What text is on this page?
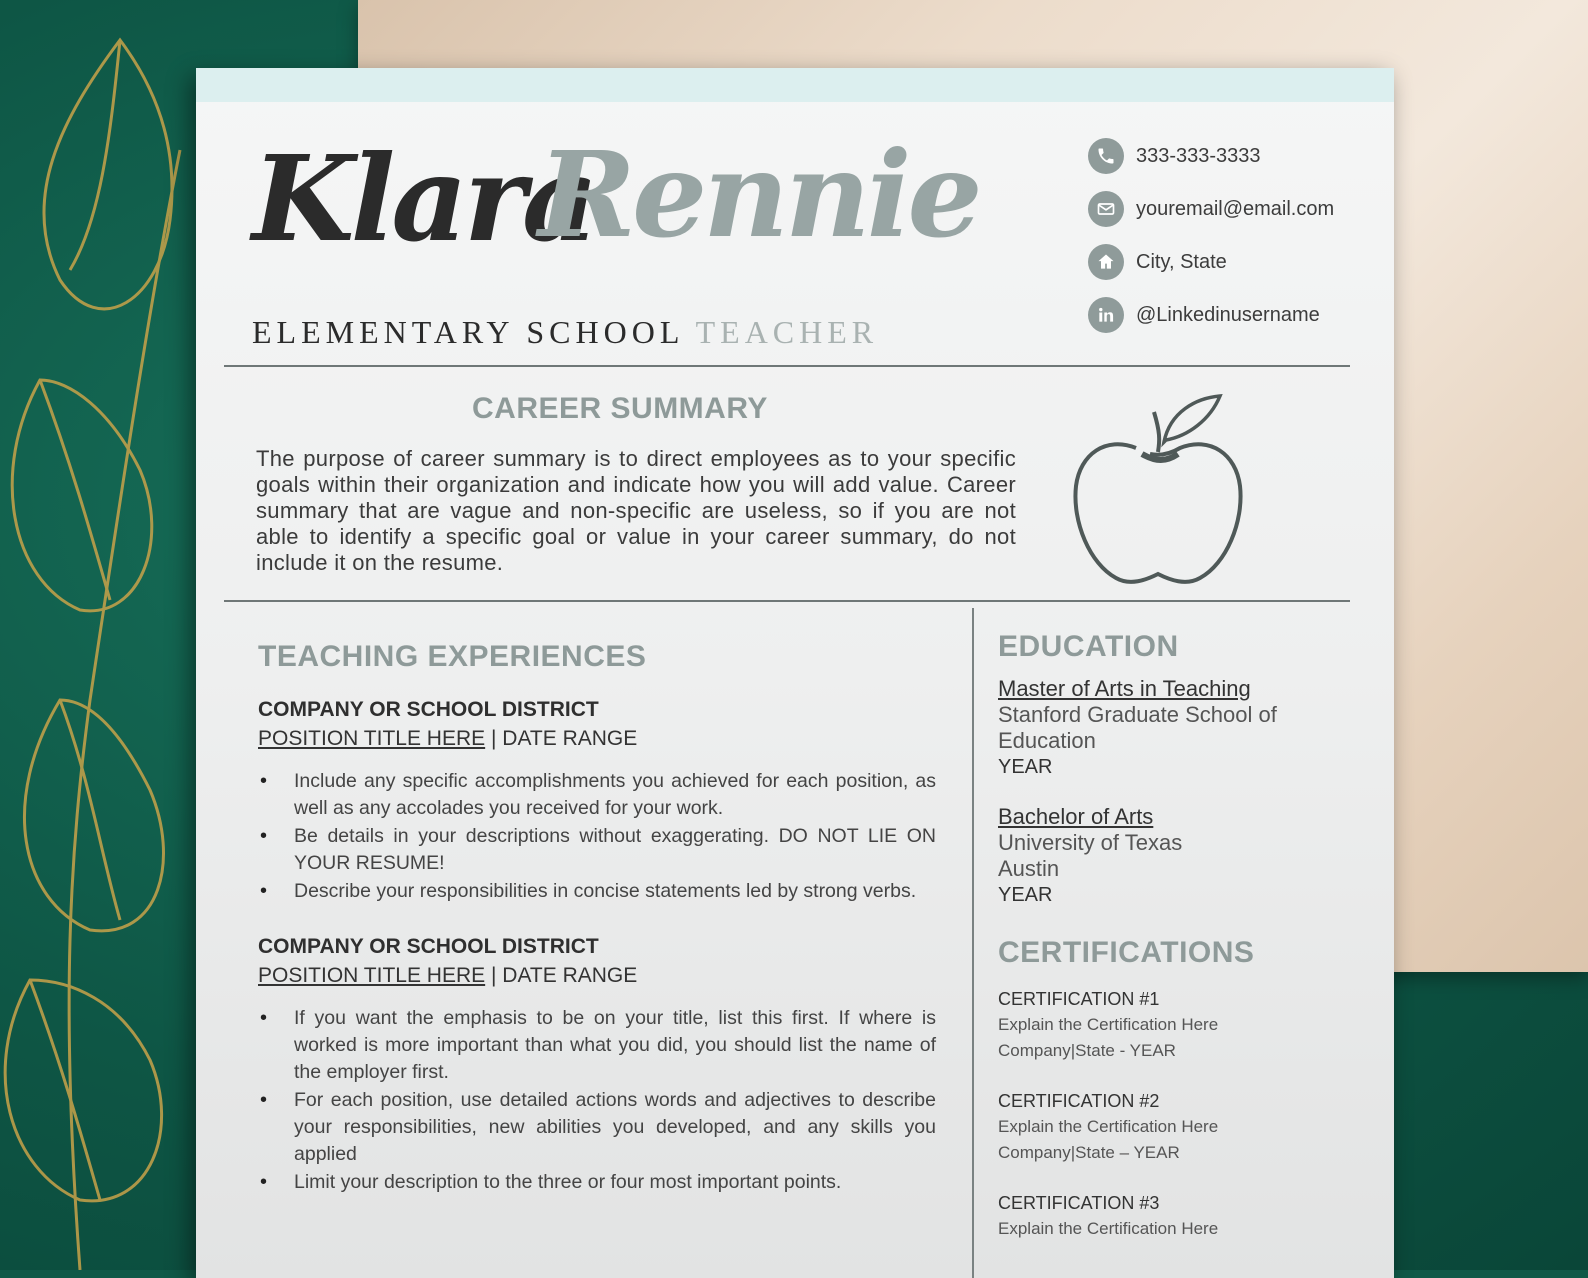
Klara
Rennie
ELEMENTARY SCHOOL TEACHER
333-333-3333
youremail@email.com
City, State
@Linkedinusername
CAREER SUMMARY
The purpose of career summary is to direct employees as to your specific goals within their organization and indicate how you will add value. Career summary that are vague and non-specific are useless, so if you are not able to identify a specific goal or value in your career summary, do not include it on the resume.
TEACHING EXPERIENCES
COMPANY OR SCHOOL DISTRICT
POSITION TITLE HERE | DATE RANGE
• Include any specific accomplishments you achieved for each position, as well as any accolades you received for your work.
• Be details in your descriptions without exaggerating. DO NOT LIE ON YOUR RESUME!
• Describe your responsibilities in concise statements led by strong verbs.
COMPANY OR SCHOOL DISTRICT
POSITION TITLE HERE | DATE RANGE
• If you want the emphasis to be on your title, list this first. If where is worked is more important than what you did, you should list the name of the employer first.
• For each position, use detailed actions words and adjectives to describe your responsibilities, new abilities you developed, and any skills you applied
• Limit your description to the three or four most important points.
EDUCATION
Master of Arts in Teaching
Stanford Graduate School of
Education
YEAR
Bachelor of Arts
University of Texas
Austin
YEAR
CERTIFICATIONS
CERTIFICATION #1
Explain the Certification Here
Company|State - YEAR
CERTIFICATION #2
Explain the Certification Here
Company|State – YEAR
CERTIFICATION #3
Explain the Certification Here
